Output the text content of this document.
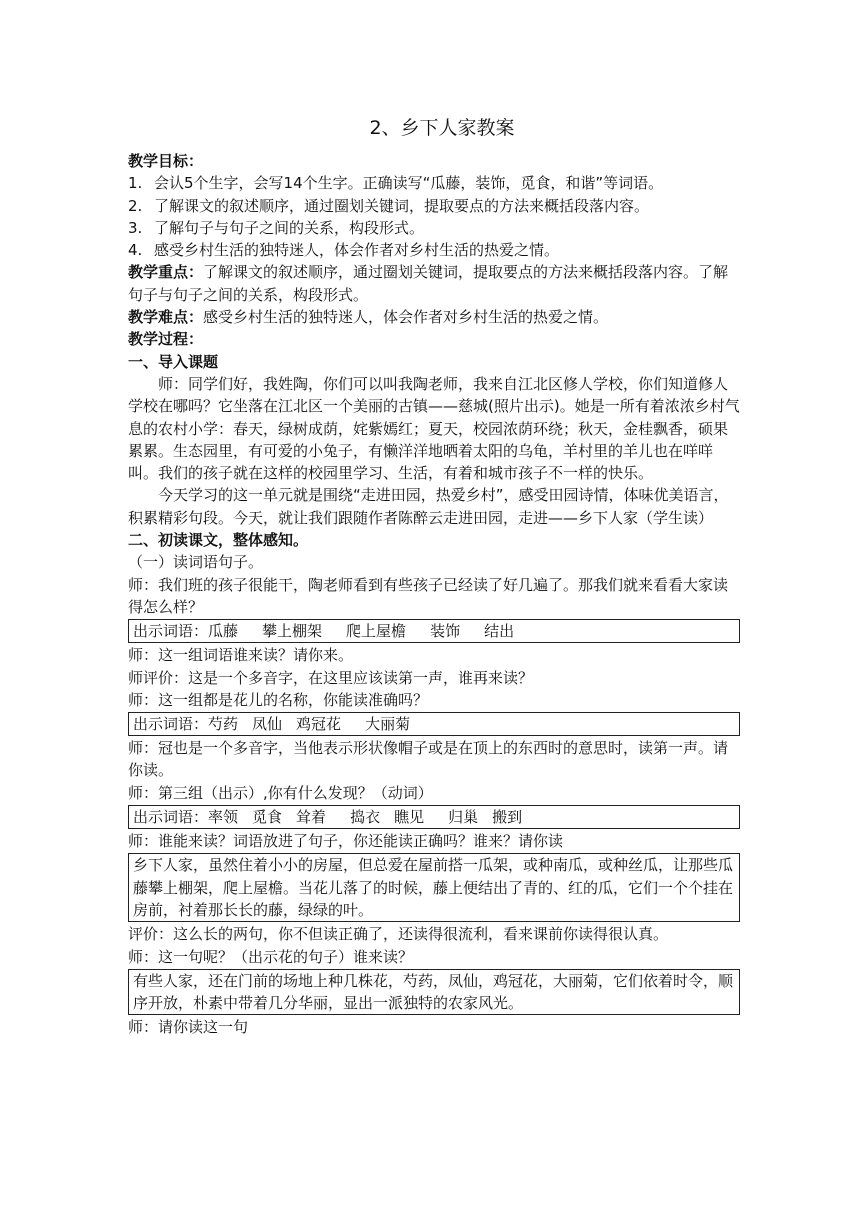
2、乡下人家教案

教学目标：

1. 会认5个生字，会写14个生字。正确读写“瓜藤，装饰，觅食，和谐”等词语。
2. 了解课文的叙述顺序，通过圈划关键词，提取要点的方法来概括段落内容。
3. 了解句子与句子之间的关系，构段形式。
4. 感受乡村生活的独特迷人，体会作者对乡村生活的热爱之情。

教学重点：了解课文的叙述顺序，通过圈划关键词，提取要点的方法来概括段落内容。了解句子与句子之间的关系，构段形式。

教学难点：感受乡村生活的独特迷人，体会作者对乡村生活的热爱之情。

教学过程：

一、导入课题

师：同学们好，我姓陶，你们可以叫我陶老师，我来自江北区修人学校，你们知道修人学校在哪吗？它坐落在江北区一个美丽的古镇——慈城(照片出示)。她是一所有着浓浓乡村气息的农村小学：春天，绿树成荫，姹紫嫣红；夏天，校园浓荫环绕；秋天，金桂飘香，硕果累累。生态园里，有可爱的小兔子，有懒洋洋地晒着太阳的乌龟，羊村里的羊儿也在咩咩叫。我们的孩子就在这样的校园里学习、生活，有着和城市孩子不一样的快乐。

今天学习的这一单元就是围绕“走进田园，热爱乡村”，感受田园诗情，体味优美语言，积累精彩句段。今天，就让我们跟随作者陈醉云走进田园，走进——乡下人家（学生读）

二、初读课文，整体感知。

（一）读词语句子。

师：我们班的孩子很能干，陶老师看到有些孩子已经读了好几遍了。那我们就来看看大家读得怎么样？

出示词语：瓜藤 攀上棚架 爬上屋檐 装饰 结出

师：这一组词语谁来读？请你来。

师评价：这是一个多音字，在这里应该读第一声，谁再来读？

师：这一组都是花儿的名称，你能读准确吗？

出示词语：芍药 凤仙 鸡冠花 大丽菊

师：冠也是一个多音字，当他表示形状像帽子或是在顶上的东西时的意思时，读第一声。请你读。

师：第三组（出示）,你有什么发现？（动词）

出示词语：率领 觅食 耸着 捣衣 瞧见 归巢 搬到

师：谁能来读？词语放进了句子，你还能读正确吗？谁来？请你读

乡下人家，虽然住着小小的房屋，但总爱在屋前搭一瓜架，或种南瓜，或种丝瓜，让那些瓜藤攀上棚架，爬上屋檐。当花儿落了的时候，藤上便结出了青的、红的瓜，它们一个个挂在房前，衬着那长长的藤，绿绿的叶。

评价：这么长的两句，你不但读正确了，还读得很流利，看来课前你读得很认真。

师：这一句呢？（出示花的句子）谁来读？

有些人家，还在门前的场地上种几株花，芍药，凤仙，鸡冠花，大丽菊，它们依着时令，顺序开放，朴素中带着几分华丽，显出一派独特的农家风光。

师：请你读这一句
